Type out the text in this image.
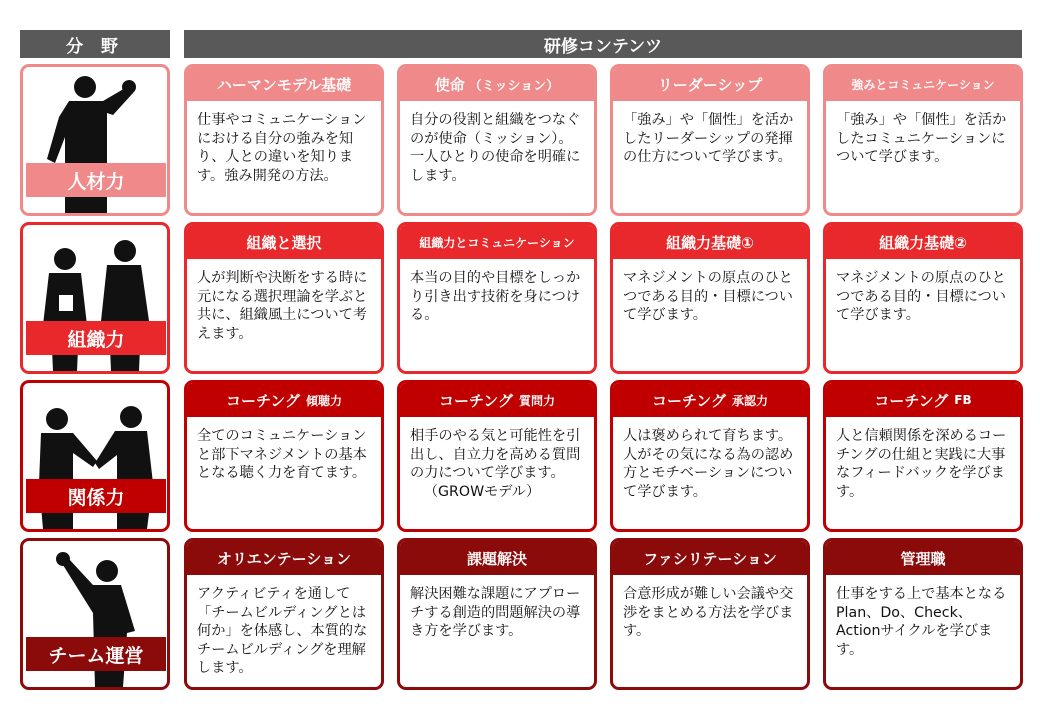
分 野	研修コンテンツ
人材力
ハーマンモデル基礎
仕事やコミュニケーションにおける自分の強みを知り、人との違いを知ります。強み開発の方法。
使命 （ミッション）
自分の役割と組織をつなぐのが使命（ミッション）。一人ひとりの使命を明確にします。
リーダーシップ
「強み」や「個性」を活かしたリーダーシップの発揮の仕方について学びます。
強みとコミュニケーション
「強み」や「個性」を活かしたコミュニケーションについて学びます。
組織力
組織と選択
人が判断や決断をする時に元になる選択理論を学ぶと共に、組織風土について考えます。
組織力とコミュニケーション
本当の目的や目標をしっかり引き出す技術を身につける。
組織力基礎①
マネジメントの原点のひとつである目的・目標について学びます。
組織力基礎②
マネジメントの原点のひとつである目的・目標について学びます。
関係力
コーチング 傾聴力
全てのコミュニケーションと部下マネジメントの基本となる聴く力を育てます。
コーチング 質問力
相手のやる気と可能性を引出し、自立力を高める質問の力について学びます。
（GROWモデル）
コーチング 承認力
人は褒められて育ちます。人がその気になる為の認め方とモチベーションについて学びます。
コーチング FB
人と信頼関係を深めるコーチングの仕組と実践に大事なフィードバックを学びます。
チーム運営
オリエンテーション
アクティビティを通して「チームビルディングとは何か」を体感し、本質的なチームビルディングを理解します。
課題解決
解決困難な課題にアプローチする創造的問題解決の導き方を学びます。
ファシリテーション
合意形成が難しい会議や交渉をまとめる方法を学びます。
管理職
仕事をする上で基本となるPlan、Do、Check、Actionサイクルを学びます。
